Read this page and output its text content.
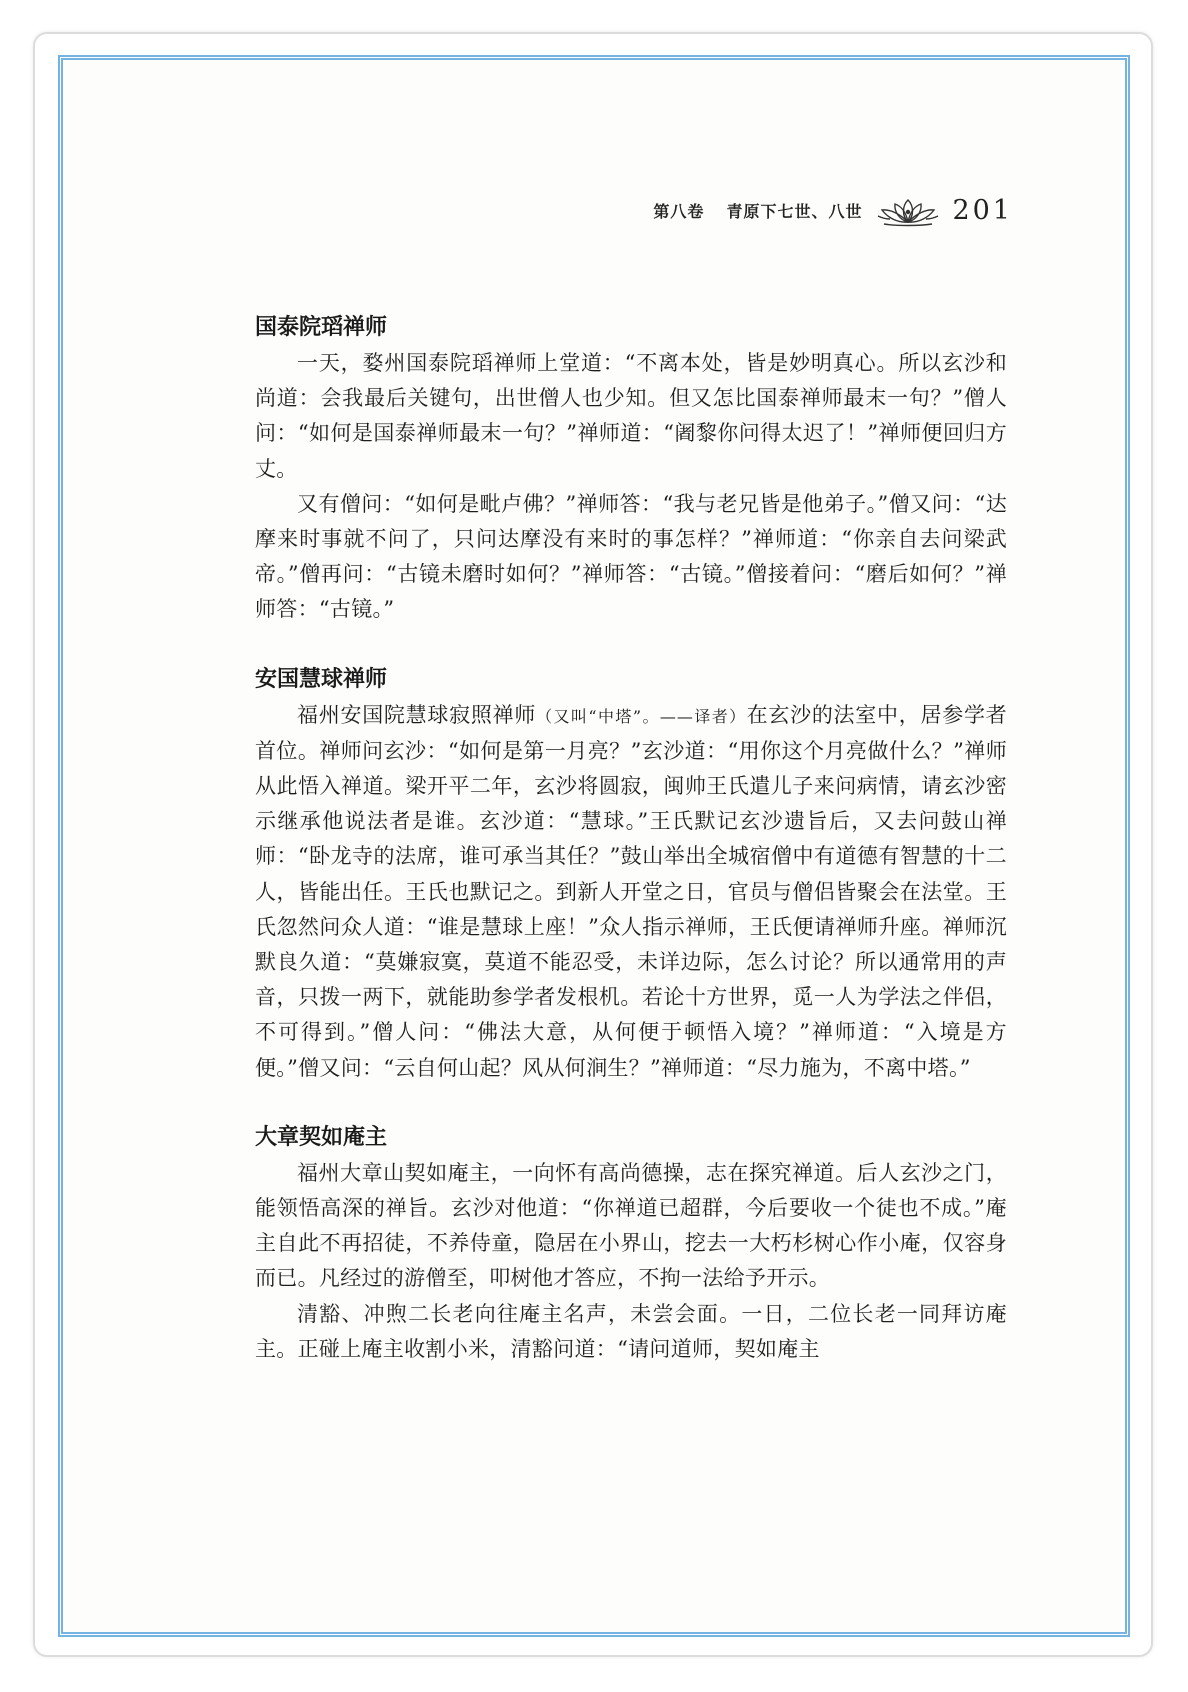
第八卷 青原下七世、八世	201
国泰院瑫禅师

一天，婺州国泰院瑫禅师上堂道：“不离本处，皆是妙明真心。所以玄沙和尚道：会我最后关键句，出世僧人也少知。但又怎比国泰禅师最末一句？”僧人问：“如何是国泰禅师最末一句？”禅师道：“阇黎你问得太迟了！”禅师便回归方丈。

又有僧问：“如何是毗卢佛？”禅师答：“我与老兄皆是他弟子。”僧又问：“达摩来时事就不问了，只问达摩没有来时的事怎样？”禅师道：“你亲自去问梁武帝。”僧再问：“古镜未磨时如何？”禅师答：“古镜。”僧接着问：“磨后如何？”禅师答：“古镜。”

安国慧球禅师

福州安国院慧球寂照禅师（又叫“中塔”。——译者）在玄沙的法室中，居参学者首位。禅师问玄沙：“如何是第一月亮？”玄沙道：“用你这个月亮做什么？”禅师从此悟入禅道。梁开平二年，玄沙将圆寂，闽帅王氏遣儿子来问病情，请玄沙密示继承他说法者是谁。玄沙道：“慧球。”王氏默记玄沙遗旨后，又去问鼓山禅师：“卧龙寺的法席，谁可承当其任？”鼓山举出全城宿僧中有道德有智慧的十二人，皆能出任。王氏也默记之。到新人开堂之日，官员与僧侣皆聚会在法堂。王氏忽然问众人道：“谁是慧球上座！”众人指示禅师，王氏便请禅师升座。禅师沉默良久道：“莫嫌寂寞，莫道不能忍受，未详边际，怎么讨论？所以通常用的声音，只拨一两下，就能助参学者发根机。若论十方世界，觅一人为学法之伴侣，不可得到。”僧人问：“佛法大意，从何便于顿悟入境？”禅师道：“入境是方便。”僧又问：“云自何山起？风从何涧生？”禅师道：“尽力施为，不离中塔。”

大章契如庵主

福州大章山契如庵主，一向怀有高尚德操，志在探究禅道。后人玄沙之门，能领悟高深的禅旨。玄沙对他道：“你禅道已超群，今后要收一个徒也不成。”庵主自此不再招徒，不养侍童，隐居在小界山，挖去一大朽杉树心作小庵，仅容身而已。凡经过的游僧至，叩树他才答应，不拘一法给予开示。

清豁、冲煦二长老向往庵主名声，未尝会面。一日，二位长老一同拜访庵主。正碰上庵主收割小米，清豁问道：“请问道师，契如庵主
